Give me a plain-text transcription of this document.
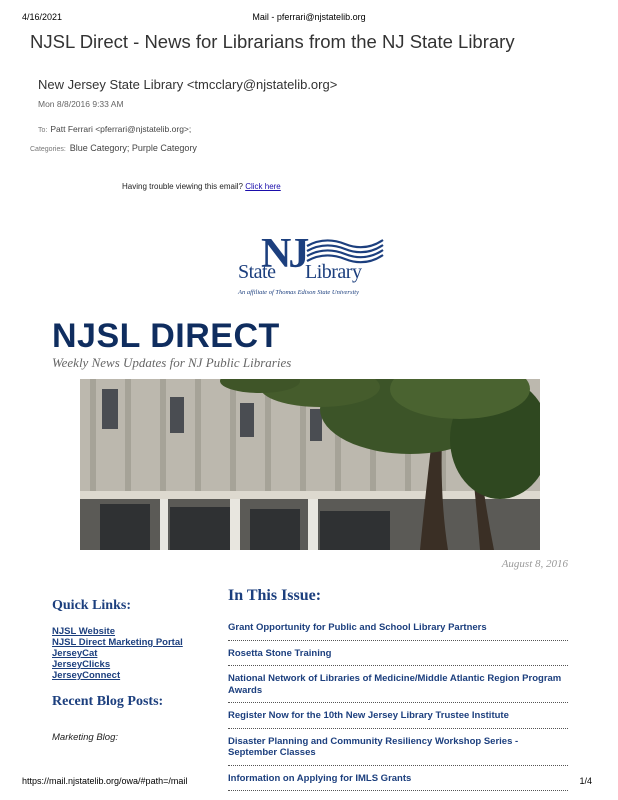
4/16/2021	Mail - pferrari@njstatelib.org
NJSL Direct - News for Librarians from the NJ State Library
New Jersey State Library <tmcclary@njstatelib.org>
Mon 8/8/2016 9:33 AM
To: Patt Ferrari <pferrari@njstatelib.org>;
Categories: Blue Category; Purple Category
Having trouble viewing this email? Click here
NJ
State Library
An affiliate of Thomas Edison State University
NJSL DIRECT
Weekly News Updates for NJ Public Libraries
August 8, 2016
Quick Links:
NJSL Website
NJSL Direct Marketing Portal
JerseyCat
JerseyClicks
JerseyConnect
Recent Blog Posts:
Marketing Blog:
In This Issue:
Grant Opportunity for Public and School Library Partners
Rosetta Stone Training
National Network of Libraries of Medicine/Middle Atlantic Region Program Awards
Register Now for the 10th New Jersey Library Trustee Institute
Disaster Planning and Community Resiliency Workshop Series - September Classes
Information on Applying for IMLS Grants
https://mail.njstatelib.org/owa/#path=/mail	1/4
